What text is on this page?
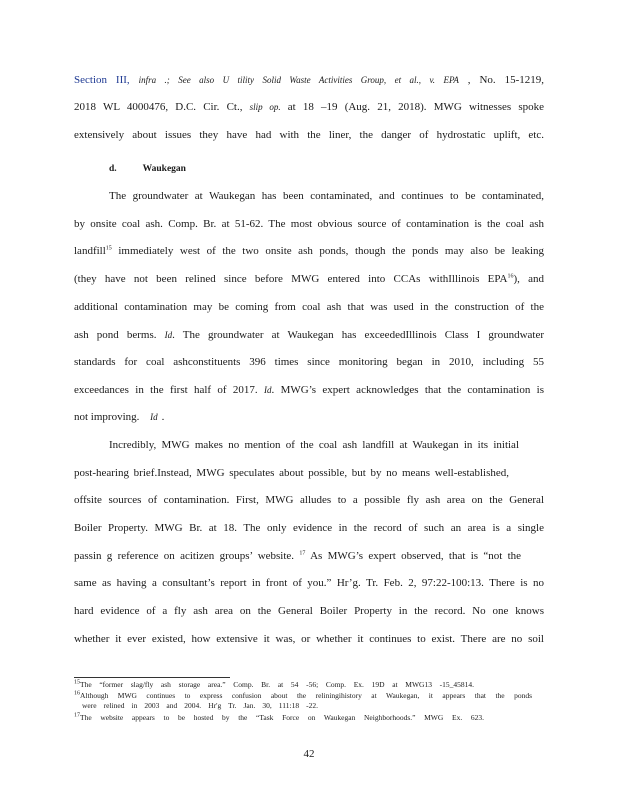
Section III, infra .; See also U tility Solid Waste Activities Group, et al., v. EPA , No. 15-1219,
2018 WL 4000476, D.C. Cir. Ct., slip op. at 18 –19 (Aug. 21, 2018). MWG witnesses spoke
extensively about issues they have had with the liner, the danger of hydrostatic uplift, etc.
d.	Waukegan
The groundwater at Waukegan has been contaminated, and continues to be contaminated,
by onsite coal ash. Comp. Br. at 51-62. The most obvious source of contamination is the coal ash
landfill$^{15}$ immediately west of the two onsite ash ponds, though the ponds may also be leaking
(they have not been relined since before MWG entered into CCAs withIllinois EPA$^{16}$), and
additional contamination may be coming from coal ash that was used in the construction of the
ash pond berms. Id. The groundwater at Waukegan has exceededIllinois Class I groundwater
standards for coal ashconstituents 396 times since monitoring began in 2010, including 55
exceedances in the first half of 2017. Id. MWG’s expert acknowledges that the contamination is
not improving. Id .
Incredibly, MWG makes no mention of the coal ash landfill at Waukegan in its initial
post-hearing brief.Instead, MWG speculates about possible, but by no means well-established,
offsite sources of contamination. First, MWG alludes to a possible fly ash area on the General
Boiler Property. MWG Br. at 18. The only evidence in the record of such an area is a single
passin g reference on acitizen groups’ website. $^{17}$ As MWG’s expert observed, that is “not the
same as having a consultant’s report in front of you.” Hr’g. Tr. Feb. 2, 97:22-100:13. There is no
hard evidence of a fly ash area on the General Boiler Property in the record. No one knows
whether it ever existed, how extensive it was, or whether it continues to exist. There are no soil
$^{15}$The “former slag/fly ash storage area.” Comp. Br. at 54 -56; Comp. Ex. 19D at MWG13 -15_45814.
$^{16}$Although MWG continues to express confusion about the reliningihistory at Waukegan, it appears that the ponds
were relined in 2003 and 2004. Hr'g Tr. Jan. 30, 111:18 -22.
$^{17}$The website appears to be hosted by the “Task Force on Waukegan Neighborhoods.” MWG Ex. 623.
42
